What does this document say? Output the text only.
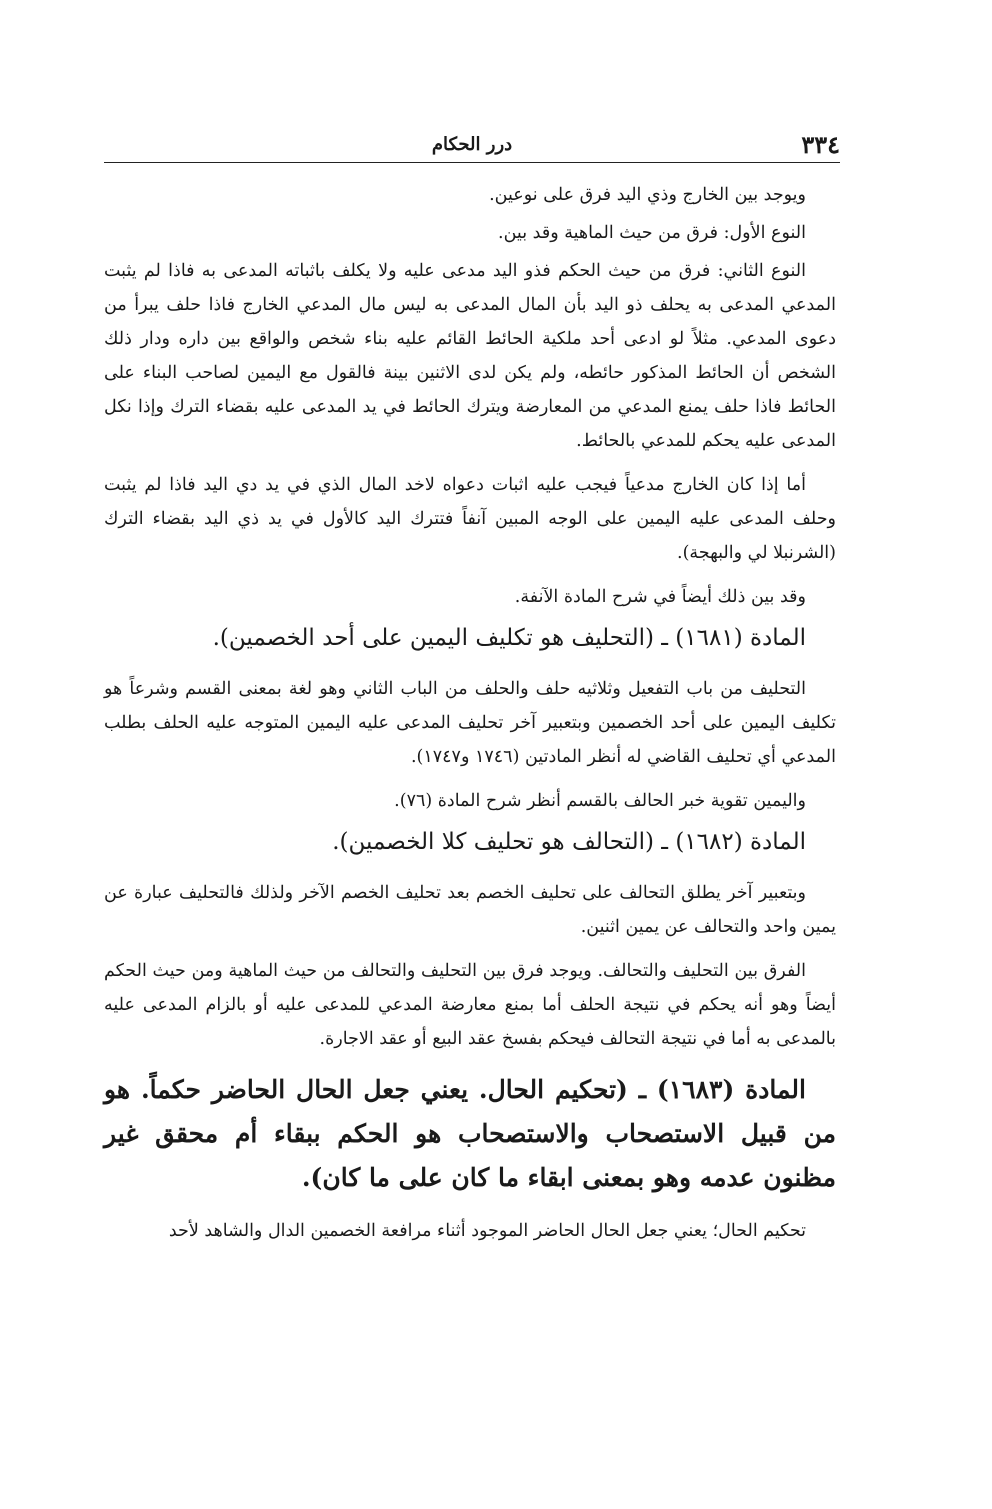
٣٣٤
درر الحكام

ويوجد بين الخارج وذي اليد فرق على نوعين.

النوع الأول: فرق من حيث الماهية وقد بين.

النوع الثاني: فرق من حيث الحكم فذو اليد مدعى عليه ولا يكلف باثباته المدعى به فاذا لم يثبت المدعي المدعى به يحلف ذو اليد بأن المال المدعى به ليس مال المدعي الخارج فاذا حلف يبرأ من دعوى المدعي. مثلاً لو ادعى أحد ملكية الحائط القائم عليه بناء شخص والواقع بين داره ودار ذلك الشخص أن الحائط المذكور حائطه، ولم يكن لدى الاثنين بينة فالقول مع اليمين لصاحب البناء على الحائط فاذا حلف يمنع المدعي من المعارضة ويترك الحائط في يد المدعى عليه بقضاء الترك وإذا نكل المدعى عليه يحكم للمدعي بالحائط.

أما إذا كان الخارج مدعياً فيجب عليه اثبات دعواه لاخد المال الذي في يد دي اليد فاذا لم يثبت وحلف المدعى عليه اليمين على الوجه المبين آنفاً فتترك اليد كالأول في يد ذي اليد بقضاء الترك (الشرنبلا لي والبهجة).

وقد بين ذلك أيضاً في شرح المادة الآنفة.

المادة (١٦٨١) ـ (التحليف هو تكليف اليمين على أحد الخصمين).

التحليف من باب التفعيل وثلاثيه حلف والحلف من الباب الثاني وهو لغة بمعنى القسم وشرعاً هو تكليف اليمين على أحد الخصمين وبتعبير آخر تحليف المدعى عليه اليمين المتوجه عليه الحلف بطلب المدعي أي تحليف القاضي له أنظر المادتين (١٧٤٦ و١٧٤٧).

واليمين تقوية خبر الحالف بالقسم أنظر شرح المادة (٧٦).

المادة (١٦٨٢) ـ (التحالف هو تحليف كلا الخصمين).

وبتعبير آخر يطلق التحالف على تحليف الخصم بعد تحليف الخصم الآخر ولذلك فالتحليف عبارة عن يمين واحد والتحالف عن يمين اثنين.

الفرق بين التحليف والتحالف. ويوجد فرق بين التحليف والتحالف من حيث الماهية ومن حيث الحكم أيضاً وهو أنه يحكم في نتيجة الحلف أما بمنع معارضة المدعي للمدعى عليه أو بالزام المدعى عليه بالمدعى به أما في نتيجة التحالف فيحكم بفسخ عقد البيع أو عقد الاجارة.

المادة (١٦٨٣) ـ (تحكيم الحال. يعني جعل الحال الحاضر حكماً. هو من قبيل الاستصحاب والاستصحاب هو الحكم ببقاء أم محقق غير مظنون عدمه وهو بمعنى ابقاء ما كان على ما كان).

تحكيم الحال؛ يعني جعل الحال الحاضر الموجود أثناء مرافعة الخصمين الدال والشاهد لأحد
